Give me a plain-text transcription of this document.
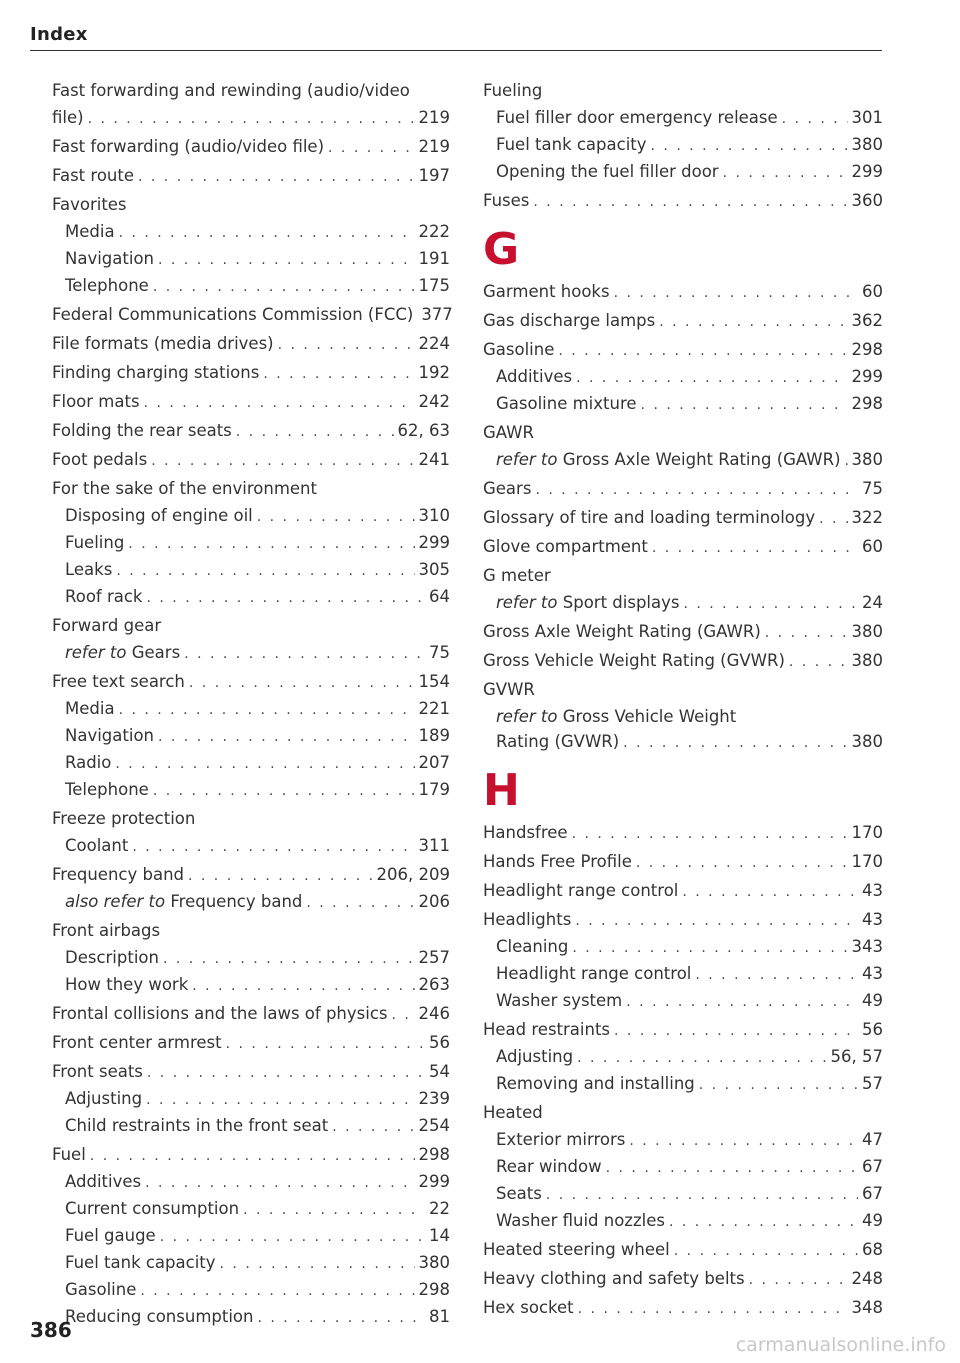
Index
Fast forwarding and rewinding (audio/video
file) . . .	219
Fast forwarding (audio/video file) . . .	219
Fast route . . .	197
Favorites
Media . . .	222
Navigation . . .	191
Telephone . . .	175
Federal Communications Commission (FCC) 377
File formats (media drives) . . .	224
Finding charging stations . . .	192
Floor mats . . .	242
Folding the rear seats . . .	62, 63
Foot pedals . . .	241
For the sake of the environment
Disposing of engine oil . . .	310
Fueling . . .	299
Leaks . . .	305
Roof rack . . .	64
Forward gear
refer to Gears . . .	75
Free text search . . .	154
Media . . .	221
Navigation . . .	189
Radio . . .	207
Telephone . . .	179
Freeze protection
Coolant . . .	311
Frequency band . . .	206, 209
also refer to Frequency band . . .	206
Front airbags
Description . . .	257
How they work . . .	263
Frontal collisions and the laws of physics . . . 246
Front center armrest . . .	56
Front seats . . .	54
Adjusting . . .	239
Child restraints in the front seat . . .	254
Fuel . . .	298
Additives . . .	299
Current consumption . . .	22
Fuel gauge . . .	14
Fuel tank capacity . . .	380
Gasoline . . .	298
Reducing consumption . . .	81
Fueling
Fuel filler door emergency release . . .	301
Fuel tank capacity . . .	380
Opening the fuel filler door . . .	299
Fuses . . .	360
G
Garment hooks . . .	60
Gas discharge lamps . . .	362
Gasoline . . .	298
Additives . . .	299
Gasoline mixture . . .	298
GAWR
refer to Gross Axle Weight Rating (GAWR) . . . 380
Gears . . .	75
Glossary of tire and loading terminology . . . 322
Glove compartment . . .	60
G meter
refer to Sport displays . . .	24
Gross Axle Weight Rating (GAWR) . . .	380
Gross Vehicle Weight Rating (GVWR) . . .	380
GVWR
refer to Gross Vehicle Weight
Rating (GVWR) . . .	380
H
Handsfree . . .	170
Hands Free Profile . . .	170
Headlight range control . . .	43
Headlights . . .	43
Cleaning . . .	343
Headlight range control . . .	43
Washer system . . .	49
Head restraints . . .	56
Adjusting . . .	56, 57
Removing and installing . . .	57
Heated
Exterior mirrors . . .	47
Rear window . . .	67
Seats . . .	67
Washer fluid nozzles . . .	49
Heated steering wheel . . .	68
Heavy clothing and safety belts . . .	248
Hex socket . . .	348
386
carmanualsonline.info
